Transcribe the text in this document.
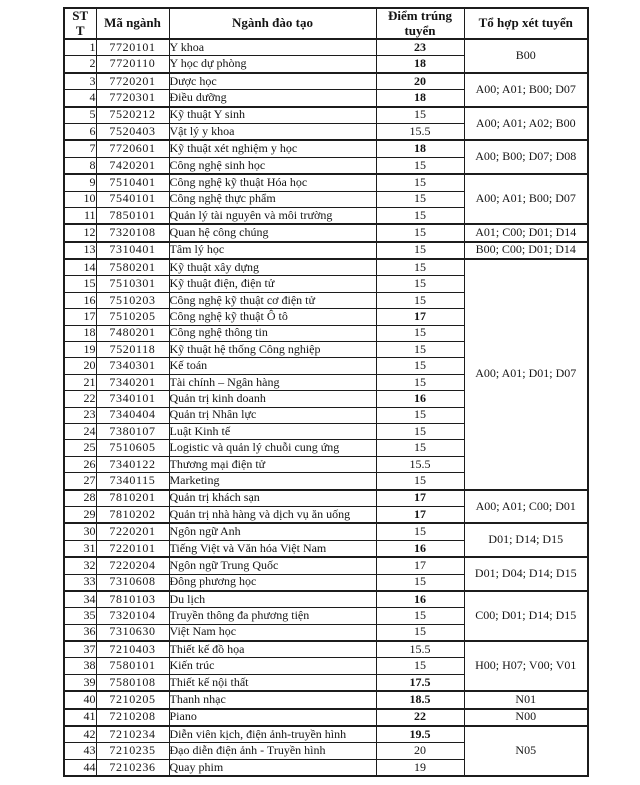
ST T	Mã ngành	Ngành đào tạo	Điểm trúng tuyển	Tổ hợp xét tuyển
1	7720101	Y khoa	23	B00
2	7720110	Y học dự phòng	18	
3	7720201	Dược học	20	A00; A01; B00; D07
4	7720301	Điều dưỡng	18	
5	7520212	Kỹ thuật Y sinh	15	A00; A01; A02; B00
6	7520403	Vật lý y khoa	15.5	
7	7720601	Kỹ thuật xét nghiệm y học	18	A00; B00; D07; D08
8	7420201	Công nghệ sinh học	15	
9	7510401	Công nghệ kỹ thuật Hóa học	15	A00; A01; B00; D07
10	7540101	Công nghệ thực phẩm	15	
11	7850101	Quản lý tài nguyên và môi trường	15	
12	7320108	Quan hệ công chúng	15	A01; C00; D01; D14
13	7310401	Tâm lý học	15	B00; C00; D01; D14
14	7580201	Kỹ thuật xây dựng	15	A00; A01; D01; D07
15	7510301	Kỹ thuật điện, điện tử	15	
16	7510203	Công nghệ kỹ thuật cơ điện tử	15	
17	7510205	Công nghệ kỹ thuật Ô tô	17	
18	7480201	Công nghệ thông tin	15	
19	7520118	Kỹ thuật hệ thống Công nghiệp	15	
20	7340301	Kế toán	15	
21	7340201	Tài chính – Ngân hàng	15	
22	7340101	Quản trị kinh doanh	16	
23	7340404	Quản trị Nhân lực	15	
24	7380107	Luật Kinh tế	15	
25	7510605	Logistic và quản lý chuỗi cung ứng	15	
26	7340122	Thương mại điện tử	15.5	
27	7340115	Marketing	15	
28	7810201	Quản trị khách sạn	17	A00; A01; C00; D01
29	7810202	Quản trị nhà hàng và dịch vụ ăn uống	17	
30	7220201	Ngôn ngữ Anh	15	D01; D14; D15
31	7220101	Tiếng Việt và Văn hóa Việt Nam	16	
32	7220204	Ngôn ngữ Trung Quốc	17	D01; D04; D14; D15
33	7310608	Đông phương học	15	
34	7810103	Du lịch	16	C00; D01; D14; D15
35	7320104	Truyền thông đa phương tiện	15	
36	7310630	Việt Nam học	15	
37	7210403	Thiết kế đồ họa	15.5	H00; H07; V00; V01
38	7580101	Kiến trúc	15	
39	7580108	Thiết kế nội thất	17.5	
40	7210205	Thanh nhạc	18.5	N01
41	7210208	Piano	22	N00
42	7210234	Diễn viên kịch, điện ảnh-truyền hình	19.5	N05
43	7210235	Đạo diễn điện ảnh - Truyền hình	20	
44	7210236	Quay phim	19	
